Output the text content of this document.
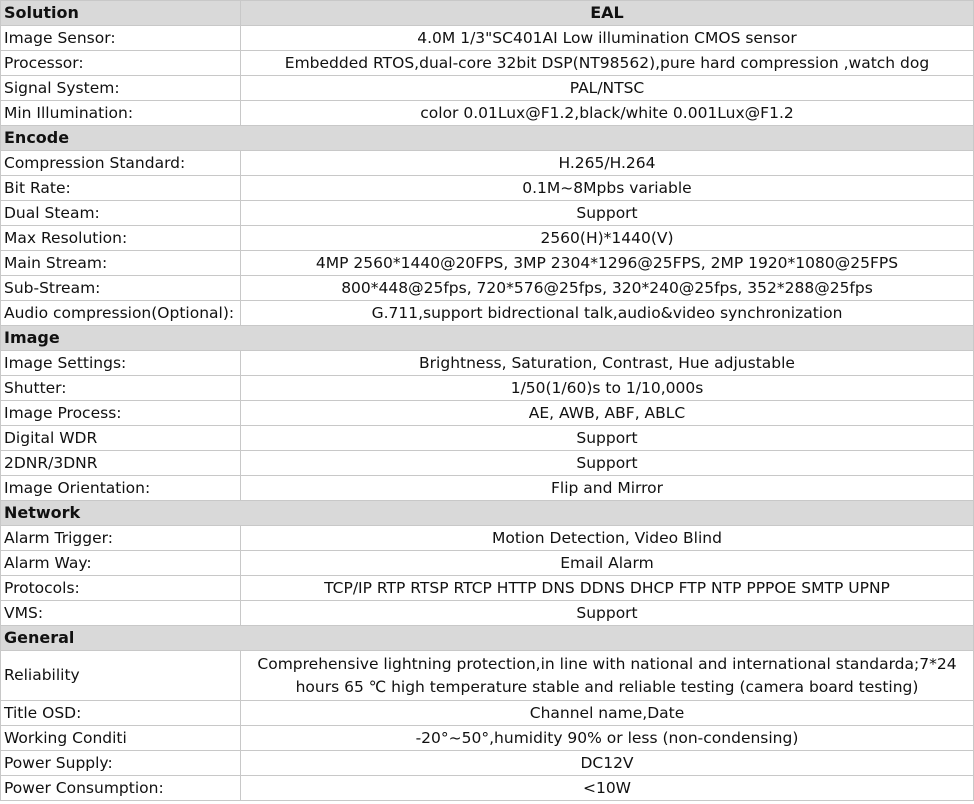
Solution	EAL
Image Sensor:	4.0M 1/3"SC401AI Low illumination CMOS sensor
Processor:	Embedded RTOS,dual-core 32bit DSP(NT98562),pure hard compression ,watch dog
Signal System:	PAL/NTSC
Min Illumination:	color 0.01Lux@F1.2,black/white 0.001Lux@F1.2
Encode	
Compression Standard:	H.265/H.264
Bit Rate:	0.1M~8Mpbs variable
Dual Steam:	Support
Max Resolution:	2560(H)*1440(V)
Main Stream:	4MP 2560*1440@20FPS, 3MP 2304*1296@25FPS, 2MP 1920*1080@25FPS
Sub-Stream:	800*448@25fps, 720*576@25fps, 320*240@25fps, 352*288@25fps
Audio compression(Optional):	G.711,support bidrectional talk,audio&video synchronization
Image	
Image Settings:	Brightness, Saturation, Contrast, Hue adjustable
Shutter:	1/50(1/60)s to 1/10,000s
Image Process:	AE, AWB, ABF, ABLC
Digital WDR	Support
2DNR/3DNR	Support
Image Orientation:	Flip and Mirror
Network	
Alarm Trigger:	Motion Detection, Video Blind
Alarm Way:	Email Alarm
Protocols:	TCP/IP RTP RTSP RTCP HTTP DNS DDNS DHCP FTP NTP PPPOE SMTP UPNP
VMS:	Support
General	
Reliability	Comprehensive lightning protection,in line with national and international standarda;7*24
hours 65 ℃ high temperature stable and reliable testing (camera board testing)

Title OSD:	Channel name,Date
Working Conditi	-20°~50°,humidity 90% or less (non-condensing)
Power Supply:	DC12V
Power Consumption:	<10W
